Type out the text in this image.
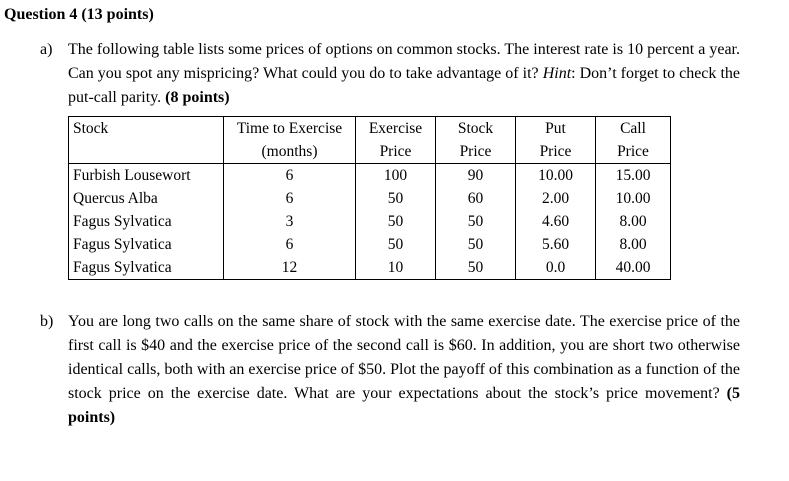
Question 4 (13 points)
a) The following table lists some prices of options on common stocks. The interest rate is 10 percent a year. Can you spot any mispricing? What could you do to take advantage of it? Hint: Don’t forget to check the put-call parity. (8 points)
Stock	Time to Exercise	Exercise	Stock	Put	Call
	(months)	Price	Price	Price	Price
Furbish Lousewort	6	100	90	10.00	15.00
Quercus Alba	6	50	60	2.00	10.00
Fagus Sylvatica	3	50	50	4.60	8.00
Fagus Sylvatica	6	50	50	5.60	8.00
Fagus Sylvatica	12	10	50	0.0	40.00
b) You are long two calls on the same share of stock with the same exercise date. The exercise price of the first call is $40 and the exercise price of the second call is $60. In addition, you are short two otherwise identical calls, both with an exercise price of $50. Plot the payoff of this combination as a function of the stock price on the exercise date. What are your expectations about the stock’s price movement? (5 points)
